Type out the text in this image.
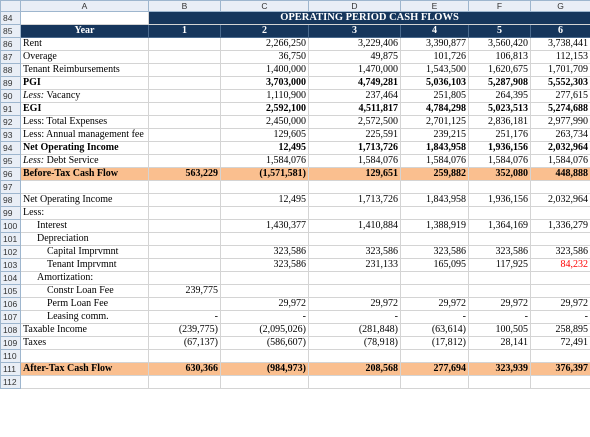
	A	B	C	D	E	F	G
84		OPERATING PERIOD CASH FLOWS					
85	Year	1	2	3	4	5	6
86	Rent		2,266,250	3,229,406	3,390,877	3,560,420	3,738,441
87	Overage		36,750	49,875	101,726	106,813	112,153
88	Tenant Reimbursements		1,400,000	1,470,000	1,543,500	1,620,675	1,701,709
89	PGI		3,703,000	4,749,281	5,036,103	5,287,908	5,552,303
90	Less: Vacancy		1,110,900	237,464	251,805	264,395	277,615
91	EGI		2,592,100	4,511,817	4,784,298	5,023,513	5,274,688
92	Less: Total Expenses		2,450,000	2,572,500	2,701,125	2,836,181	2,977,990
93	Less: Annual management fee		129,605	225,591	239,215	251,176	263,734
94	Net Operating Income		12,495	1,713,726	1,843,958	1,936,156	2,032,964
95	Less: Debt Service		1,584,076	1,584,076	1,584,076	1,584,076	1,584,076
96	Before-Tax Cash Flow	563,229	(1,571,581)	129,651	259,882	352,080	448,888
97							
98	Net Operating Income		12,495	1,713,726	1,843,958	1,936,156	2,032,964
99	Less:						
100	Interest		1,430,377	1,410,884	1,388,919	1,364,169	1,336,279
101	Depreciation						
102	Capital Imprvmnt		323,586	323,586	323,586	323,586	323,586
103	Tenant Imprvmnt		323,586	231,133	165,095	117,925	84,232
104	Amortization:						
105	Constr Loan Fee	239,775					
106	Perm Loan Fee		29,972	29,972	29,972	29,972	29,972
107	Leasing comm.	-	-	-	-	-	-
108	Taxable Income	(239,775)	(2,095,026)	(281,848)	(63,614)	100,505	258,895
109	Taxes	(67,137)	(586,607)	(78,918)	(17,812)	28,141	72,491
110							
111	After-Tax Cash Flow	630,366	(984,973)	208,568	277,694	323,939	376,397
112							
